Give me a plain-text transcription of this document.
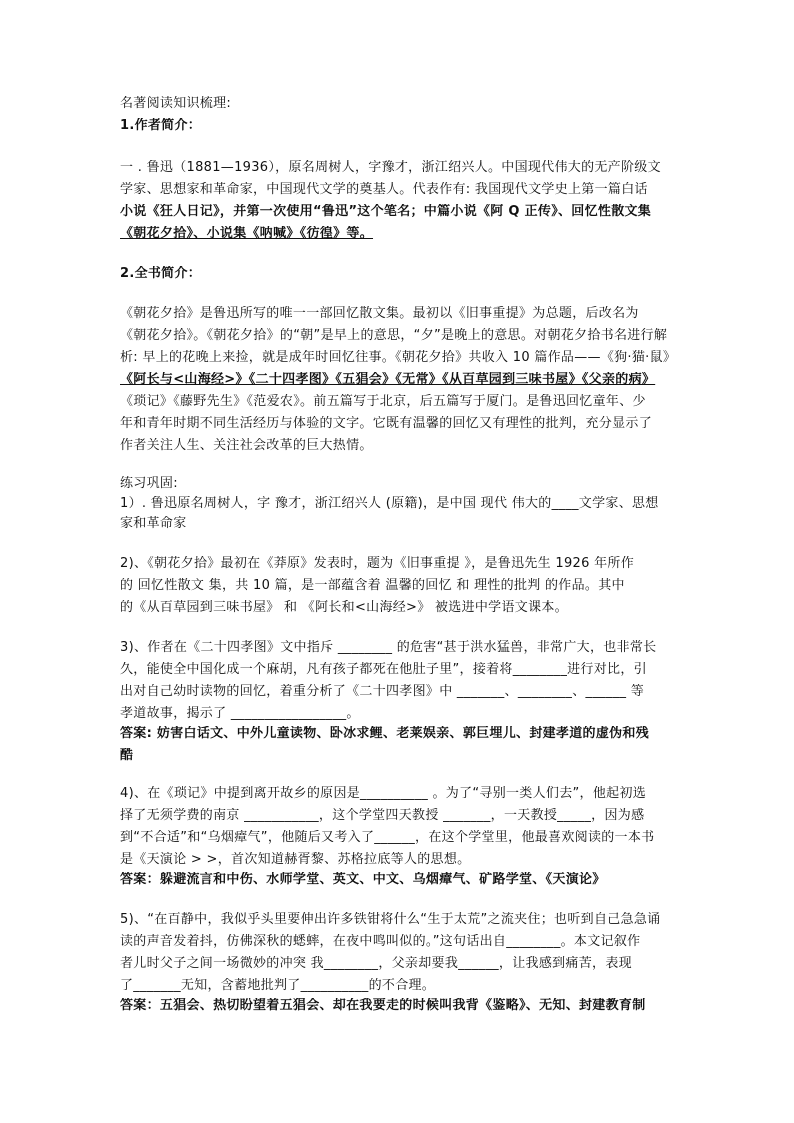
名著阅读知识梳理:
1.作者简介：
一 . 鲁迅（1881—1936），原名周树人，字豫才，浙江绍兴人。中国现代伟大的无产阶级文
学家、思想家和革命家，中国现代文学的奠基人。代表作有: 我国现代文学史上第一篇白话
小说《狂人日记》，并第一次使用“鲁迅”这个笔名；中篇小说《阿 Q 正传》、回忆性散文集
《朝花夕拾》、小说集《呐喊》《彷徨》等。
2.全书简介：
《朝花夕拾》是鲁迅所写的唯一一部回忆散文集。最初以《旧事重提》为总题，后改名为
《朝花夕拾》。《朝花夕拾》的“朝”是早上的意思，“夕”是晚上的意思。对朝花夕拾书名进行解
析: 早上的花晚上来捡，就是成年时回忆往事。《朝花夕拾》共收入 10 篇作品——《狗·猫·鼠》
《阿长与<山海经>》《二十四孝图》《五猖会》《无常》《从百草园到三味书屋》《父亲的病》
《琐记》《藤野先生》《范爱农》。前五篇写于北京，后五篇写于厦门。是鲁迅回忆童年、少
年和青年时期不同生活经历与体验的文字。它既有温馨的回忆又有理性的批判，充分显示了
作者关注人生、关注社会改革的巨大热情。
练习巩固:
1）. 鲁迅原名周树人，字 豫才，浙江绍兴人 (原籍)，是中国 现代 伟大的____文学家、思想
家和革命家
2)、《朝花夕拾》最初在《莽原》发表时，题为《旧事重提 》，是鲁迅先生 1926 年所作
的 回忆性散文 集，共 10 篇，是一部蕴含着 温馨的回忆 和 理性的批判 的作品。其中
的《从百草园到三味书屋》 和 《阿长和<山海经>》 被选进中学语文课本。
3)、作者在《二十四孝图》文中指斥 ________ 的危害“甚于洪水猛兽，非常广大，也非常长
久，能使全中国化成一个麻胡，凡有孩子都死在他肚子里”，接着将________进行对比，引
出对自己幼时读物的回忆，着重分析了《二十四孝图》中 _______、________、______ 等
孝道故事，揭示了 _________________。
答案: 妨害白话文、中外儿童读物、卧冰求鲤、老莱娱亲、郭巨埋儿、封建孝道的虚伪和残
酷
4)、在《琐记》中提到离开故乡的原因是__________ 。为了“寻别一类人们去”，他起初选
择了无须学费的南京 ___________，这个学堂四天教授 _______，一天教授_____，因为感
到“不合适”和“乌烟瘴气”，他随后又考入了______，在这个学堂里，他最喜欢阅读的一本书
是《天演论 > >，首次知道赫胥黎、苏格拉底等人的思想。
答案：躲避流言和中伤、水师学堂、英文、中文、乌烟瘴气、矿路学堂、《天演论》
5)、“在百静中，我似乎头里要伸出许多铁钳将什么“生于太荒”之流夹住；也听到自己急急诵
读的声音发着抖，仿佛深秋的蟋蟀，在夜中鸣叫似的。”这句话出自________。本文记叙作
者儿时父子之间一场微妙的冲突 我________，父亲却要我______，让我感到痛苦，表现
了_______无知，含蓄地批判了__________的不合理。
答案：五猖会、热切盼望着五猖会、却在我要走的时候叫我背《鉴略》、无知、封建教育制
